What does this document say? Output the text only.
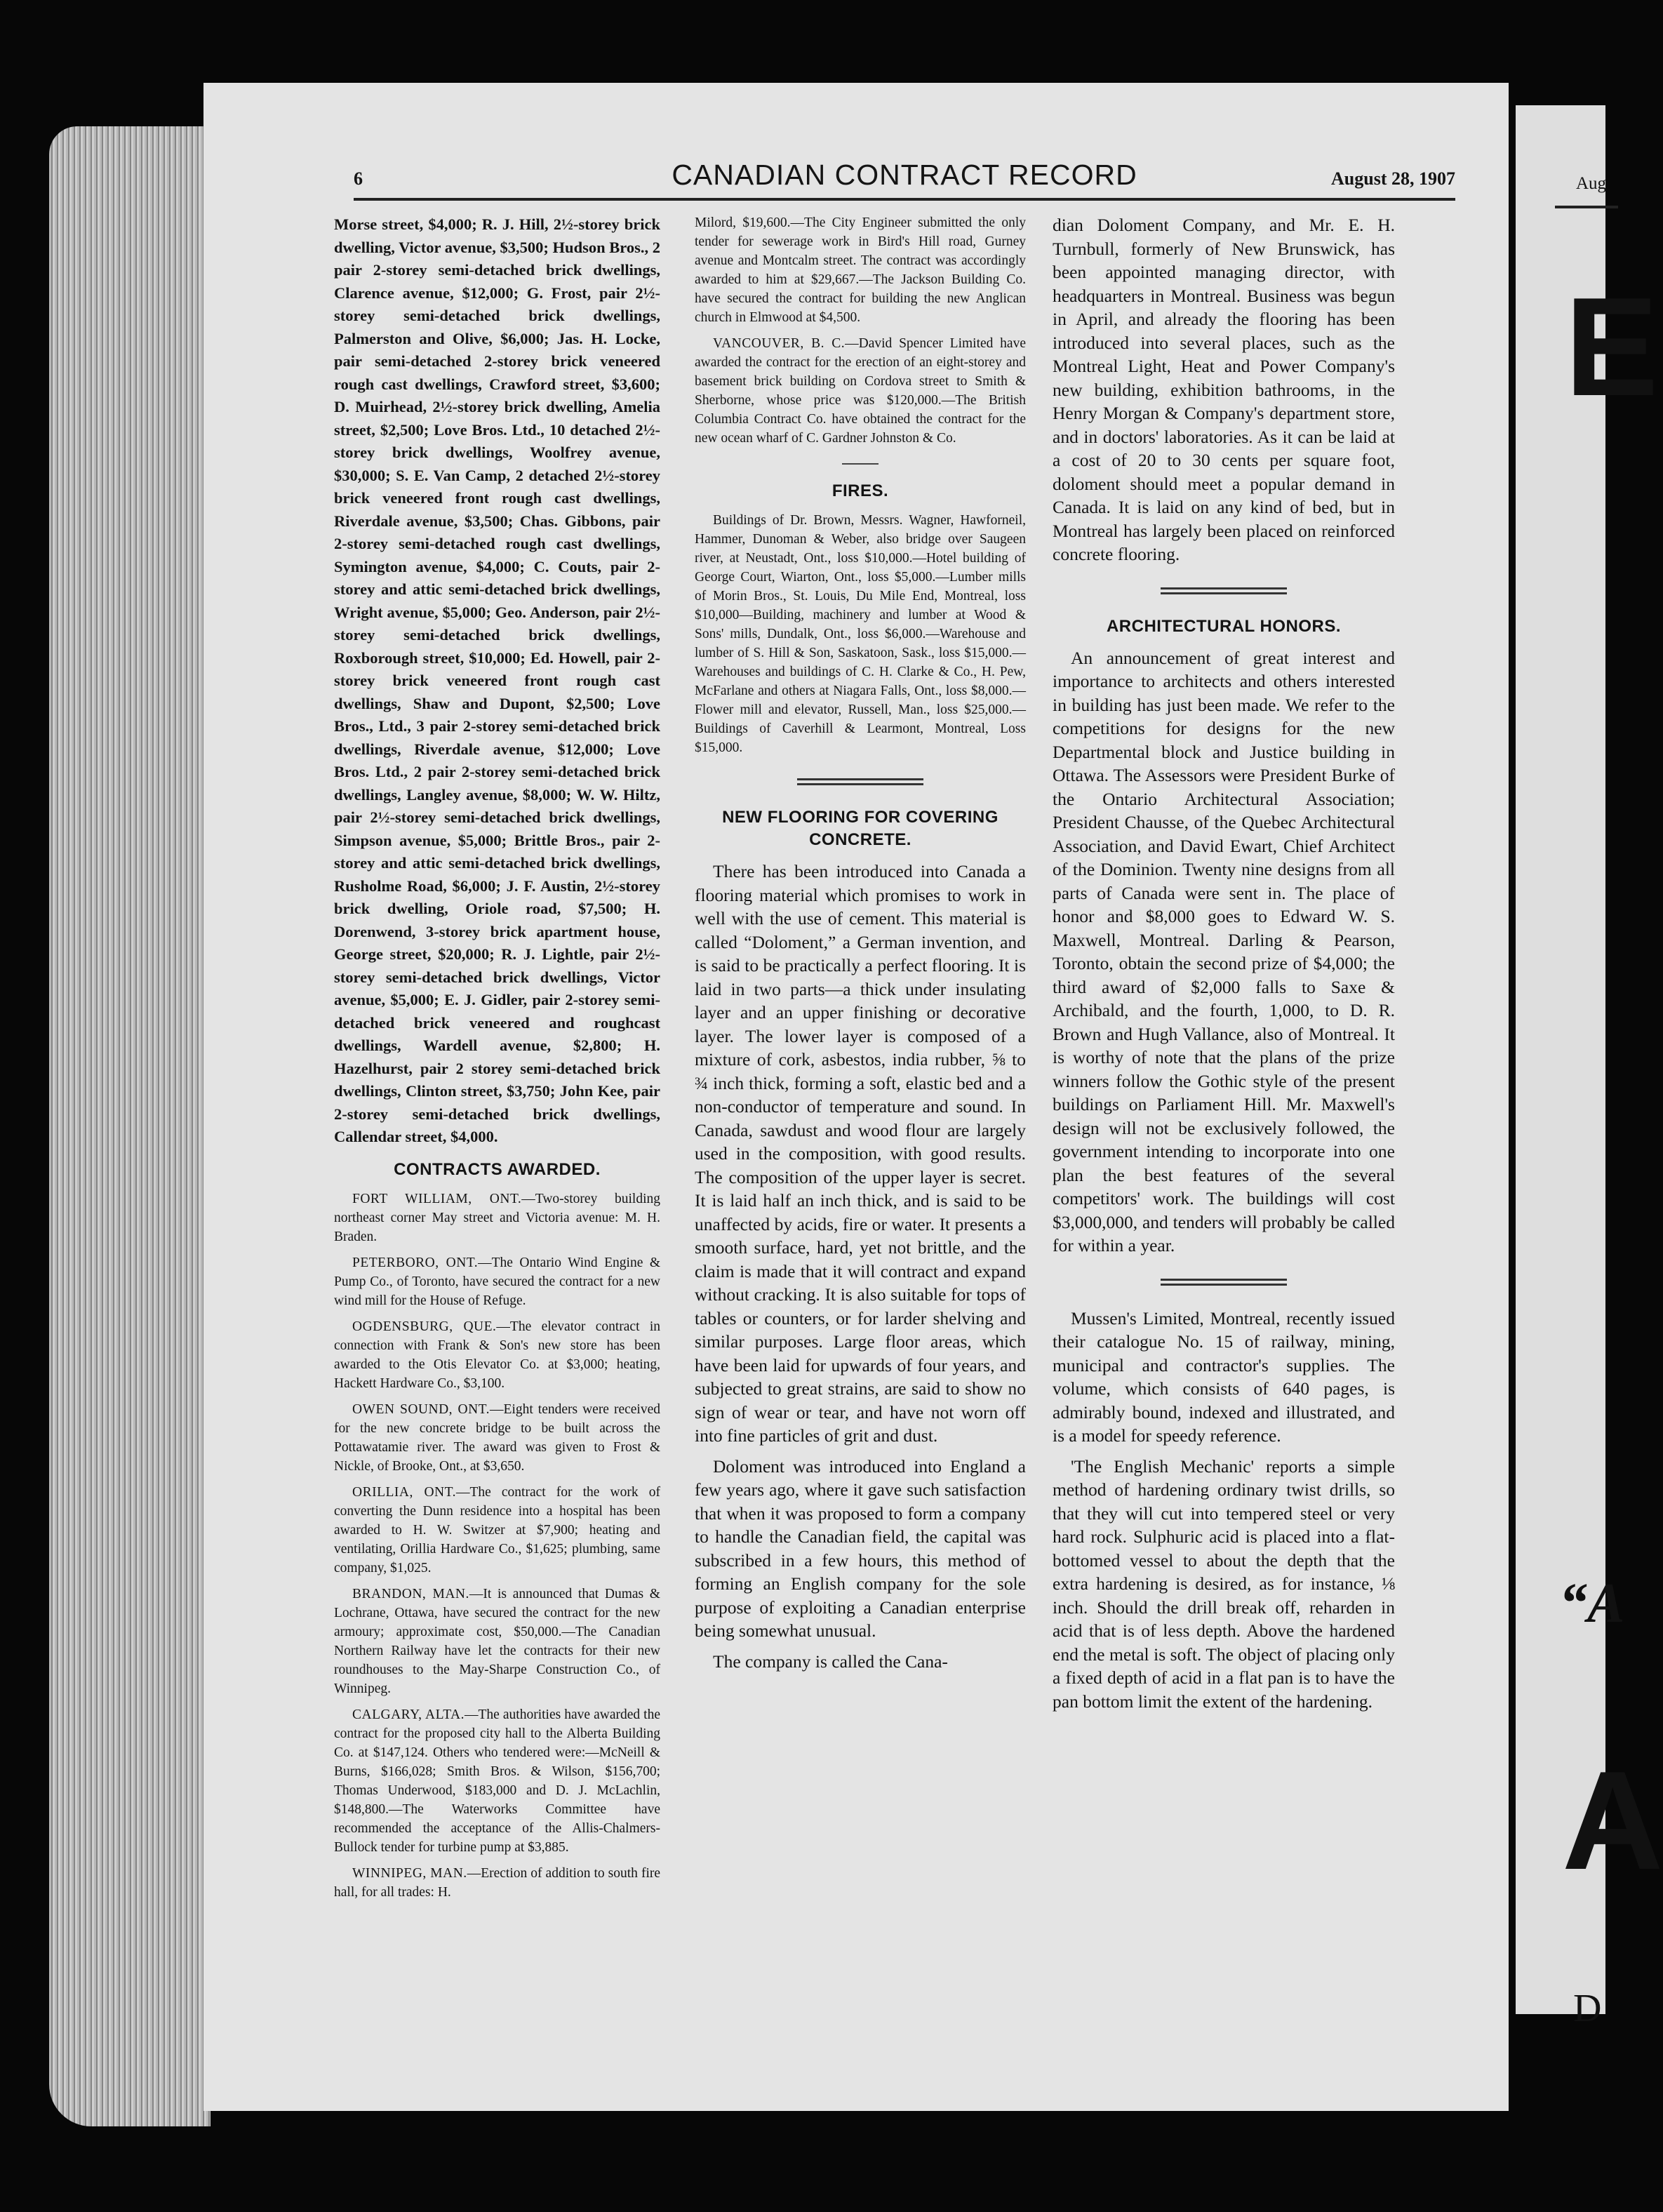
Aug
E
“A
A
D
6	CANADIAN CONTRACT RECORD	August 28, 1907

Morse street, $4,000; R. J. Hill, 2½-storey brick dwelling, Victor avenue, $3,500; Hudson Bros., 2 pair 2-storey semi-detached brick dwellings, Clarence avenue, $12,000; G. Frost, pair 2½-storey semi-detached brick dwellings, Palmerston and Olive, $6,000; Jas. H. Locke, pair semi-detached 2-storey brick veneered rough cast dwellings, Crawford street, $3,600; D. Muirhead, 2½-storey brick dwelling, Amelia street, $2,500; Love Bros. Ltd., 10 detached 2½-storey brick dwellings, Woolfrey avenue, $30,000; S. E. Van Camp, 2 detached 2½-storey brick veneered front rough cast dwellings, Riverdale avenue, $3,500; Chas. Gibbons, pair 2-storey semi-detached rough cast dwellings, Symington avenue, $4,000; C. Couts, pair 2-storey and attic semi-detached brick dwellings, Wright avenue, $5,000; Geo. Anderson, pair 2½-storey semi-detached brick dwellings, Roxborough street, $10,000; Ed. Howell, pair 2-storey brick veneered front rough cast dwellings, Shaw and Dupont, $2,500; Love Bros., Ltd., 3 pair 2-storey semi-detached brick dwellings, Riverdale avenue, $12,000; Love Bros. Ltd., 2 pair 2-storey semi-detached brick dwellings, Langley avenue, $8,000; W. W. Hiltz, pair 2½-storey semi-detached brick dwellings, Simpson avenue, $5,000; Brittle Bros., pair 2-storey and attic semi-detached brick dwellings, Rusholme Road, $6,000; J. F. Austin, 2½-storey brick dwelling, Oriole road, $7,500; H. Dorenwend, 3-storey brick apartment house, George street, $20,000; R. J. Lightle, pair 2½-storey semi-detached brick dwellings, Victor avenue, $5,000; E. J. Gidler, pair 2-storey semi-detached brick veneered and roughcast dwellings, Wardell avenue, $2,800; H. Hazelhurst, pair 2 storey semi-detached brick dwellings, Clinton street, $3,750; John Kee, pair 2-storey semi-detached brick dwellings, Callendar street, $4,000.

CONTRACTS AWARDED.

FORT WILLIAM, ONT.—Two-storey building northeast corner May street and Victoria avenue: M. H. Braden.

PETERBORO, ONT.—The Ontario Wind Engine & Pump Co., of Toronto, have secured the contract for a new wind mill for the House of Refuge.

OGDENSBURG, QUE.—The elevator contract in connection with Frank & Son's new store has been awarded to the Otis Elevator Co. at $3,000; heating, Hackett Hardware Co., $3,100.

OWEN SOUND, ONT.—Eight tenders were received for the new concrete bridge to be built across the Pottawatamie river. The award was given to Frost & Nickle, of Brooke, Ont., at $3,650.

ORILLIA, ONT.—The contract for the work of converting the Dunn residence into a hospital has been awarded to H. W. Switzer at $7,900; heating and ventilating, Orillia Hardware Co., $1,625; plumbing, same company, $1,025.

BRANDON, MAN.—It is announced that Dumas & Lochrane, Ottawa, have secured the contract for the new armoury; approximate cost, $50,000.—The Canadian Northern Railway have let the contracts for their new roundhouses to the May-Sharpe Construction Co., of Winnipeg.

CALGARY, ALTA.—The authorities have awarded the contract for the proposed city hall to the Alberta Building Co. at $147,124. Others who tendered were:—McNeill & Burns, $166,028; Smith Bros. & Wilson, $156,700; Thomas Underwood, $183,000 and D. J. McLachlin, $148,800.—The Waterworks Committee have recommended the acceptance of the Allis-Chalmers-Bullock tender for turbine pump at $3,885.

WINNIPEG, MAN.—Erection of addition to south fire hall, for all trades: H.

Milord, $19,600.—The City Engineer submitted the only tender for sewerage work in Bird's Hill road, Gurney avenue and Montcalm street. The contract was accordingly awarded to him at $29,667.—The Jackson Building Co. have secured the contract for building the new Anglican church in Elmwood at $4,500.

VANCOUVER, B. C.—David Spencer Limited have awarded the contract for the erection of an eight-storey and basement brick building on Cordova street to Smith & Sherborne, whose price was $120,000.—The British Columbia Contract Co. have obtained the contract for the new ocean wharf of C. Gardner Johnston & Co.

FIRES.

Buildings of Dr. Brown, Messrs. Wagner, Hawforneil, Hammer, Dunoman & Weber, also bridge over Saugeen river, at Neustadt, Ont., loss $10,000.—Hotel building of George Court, Wiarton, Ont., loss $5,000.—Lumber mills of Morin Bros., St. Louis, Du Mile End, Montreal, loss $10,000—Building, machinery and lumber at Wood & Sons' mills, Dundalk, Ont., loss $6,000.—Warehouse and lumber of S. Hill & Son, Saskatoon, Sask., loss $15,000.—Warehouses and buildings of C. H. Clarke & Co., H. Pew, McFarlane and others at Niagara Falls, Ont., loss $8,000.—Flower mill and elevator, Russell, Man., loss $25,000.—Buildings of Caverhill & Learmont, Montreal, Loss $15,000.

NEW FLOORING FOR COVERING CONCRETE.

There has been introduced into Canada a flooring material which promises to work in well with the use of cement. This material is called “Doloment,” a German invention, and is said to be practically a perfect flooring. It is laid in two parts—a thick under insulating layer and an upper finishing or decorative layer. The lower layer is composed of a mixture of cork, asbestos, india rubber, ⅝ to ¾ inch thick, forming a soft, elastic bed and a non-conductor of temperature and sound. In Canada, sawdust and wood flour are largely used in the composition, with good results. The composition of the upper layer is secret. It is laid half an inch thick, and is said to be unaffected by acids, fire or water. It presents a smooth surface, hard, yet not brittle, and the claim is made that it will contract and expand without cracking. It is also suitable for tops of tables or counters, or for larder shelving and similar purposes. Large floor areas, which have been laid for upwards of four years, and subjected to great strains, are said to show no sign of wear or tear, and have not worn off into fine particles of grit and dust.

Doloment was introduced into England a few years ago, where it gave such satisfaction that when it was proposed to form a company to handle the Canadian field, the capital was subscribed in a few hours, this method of forming an English company for the sole purpose of exploiting a Canadian enterprise being somewhat unusual.

The company is called the Cana-

dian Doloment Company, and Mr. E. H. Turnbull, formerly of New Brunswick, has been appointed managing director, with headquarters in Montreal. Business was begun in April, and already the flooring has been introduced into several places, such as the Montreal Light, Heat and Power Company's new building, exhibition bathrooms, in the Henry Morgan & Company's department store, and in doctors' laboratories. As it can be laid at a cost of 20 to 30 cents per square foot, doloment should meet a popular demand in Canada. It is laid on any kind of bed, but in Montreal has largely been placed on reinforced concrete flooring.

ARCHITECTURAL HONORS.

An announcement of great interest and importance to architects and others interested in building has just been made. We refer to the competitions for designs for the new Departmental block and Justice building in Ottawa. The Assessors were President Burke of the Ontario Architectural Association; President Chausse, of the Quebec Architectural Association, and David Ewart, Chief Architect of the Dominion. Twenty nine designs from all parts of Canada were sent in. The place of honor and $8,000 goes to Edward W. S. Maxwell, Montreal. Darling & Pearson, Toronto, obtain the second prize of $4,000; the third award of $2,000 falls to Saxe & Archibald, and the fourth, 1,000, to D. R. Brown and Hugh Vallance, also of Montreal. It is worthy of note that the plans of the prize winners follow the Gothic style of the present buildings on Parliament Hill. Mr. Maxwell's design will not be exclusively followed, the government intending to incorporate into one plan the best features of the several competitors' work. The buildings will cost $3,000,000, and tenders will probably be called for within a year.

Mussen's Limited, Montreal, recently issued their catalogue No. 15 of railway, mining, municipal and contractor's supplies. The volume, which consists of 640 pages, is admirably bound, indexed and illustrated, and is a model for speedy reference.

'The English Mechanic' reports a simple method of hardening ordinary twist drills, so that they will cut into tempered steel or very hard rock. Sulphuric acid is placed into a flat-bottomed vessel to about the depth that the extra hardening is desired, as for instance, ⅛ inch. Should the drill break off, reharden in acid that is of less depth. Above the hardened end the metal is soft. The object of placing only a fixed depth of acid in a flat pan is to have the pan bottom limit the extent of the hardening.
